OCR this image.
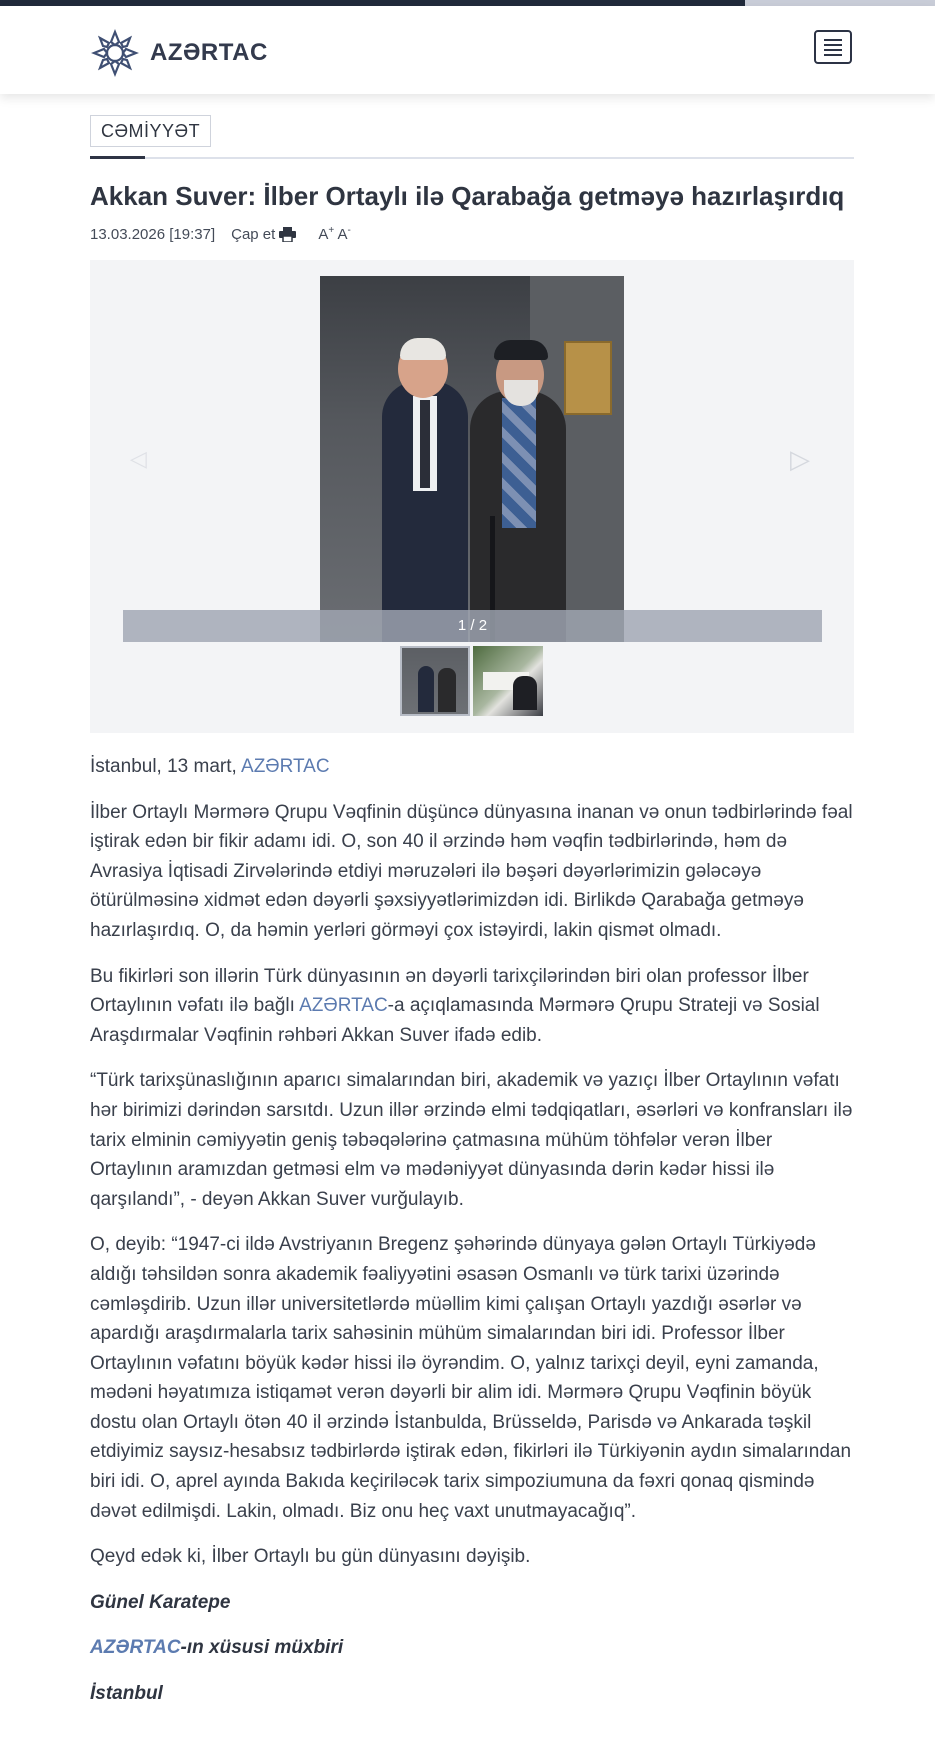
AZƏRTAC
CƏMİYYƏT
Akkan Suver: İlber Ortaylı ilə Qarabağa getməyə hazırlaşırdıq
13.03.2026 [19:37] Çap et	A+ A-
◁	▷
1 / 2

İstanbul, 13 mart, AZƏRTAC

İlber Ortaylı Mərmərə Qrupu Vəqfinin düşüncə dünyasına inanan və onun tədbirlərində fəal iştirak edən bir fikir adamı idi. O, son 40 il ərzində həm vəqfin tədbirlərində, həm də Avrasiya İqtisadi Zirvələrində etdiyi məruzələri ilə bəşəri dəyərlərimizin gələcəyə ötürülməsinə xidmət edən dəyərli şəxsiyyətlərimizdən idi. Birlikdə Qarabağa getməyə hazırlaşırdıq. O, da həmin yerləri görməyi çox istəyirdi, lakin qismət olmadı.

Bu fikirləri son illərin Türk dünyasının ən dəyərli tarixçilərindən biri olan professor İlber Ortaylının vəfatı ilə bağlı AZƏRTAC-a açıqlamasında Mərmərə Qrupu Strateji və Sosial Araşdırmalar Vəqfinin rəhbəri Akkan Suver ifadə edib.

“Türk tarixşünaslığının aparıcı simalarından biri, akademik və yazıçı İlber Ortaylının vəfatı hər birimizi dərindən sarsıtdı. Uzun illər ərzində elmi tədqiqatları, əsərləri və konfransları ilə tarix elminin cəmiyyətin geniş təbəqələrinə çatmasına mühüm töhfələr verən İlber Ortaylının aramızdan getməsi elm və mədəniyyət dünyasında dərin kədər hissi ilə qarşılandı”, - deyən Akkan Suver vurğulayıb.

O, deyib: “1947-ci ildə Avstriyanın Bregenz şəhərində dünyaya gələn Ortaylı Türkiyədə aldığı təhsildən sonra akademik fəaliyyətini əsasən Osmanlı və türk tarixi üzərində cəmləşdirib. Uzun illər universitetlərdə müəllim kimi çalışan Ortaylı yazdığı əsərlər və apardığı araşdırmalarla tarix sahəsinin mühüm simalarından biri idi. Professor İlber Ortaylının vəfatını böyük kədər hissi ilə öyrəndim. O, yalnız tarixçi deyil, eyni zamanda, mədəni həyatımıza istiqamət verən dəyərli bir alim idi. Mərmərə Qrupu Vəqfinin böyük dostu olan Ortaylı ötən 40 il ərzində İstanbulda, Brüsseldə, Parisdə və Ankarada təşkil etdiyimiz saysız-hesabsız tədbirlərdə iştirak edən, fikirləri ilə Türkiyənin aydın simalarından biri idi. O, aprel ayında Bakıda keçiriləcək tarix simpoziumuna da fəxri qonaq qismində dəvət edilmişdi. Lakin, olmadı. Biz onu heç vaxt unutmayacağıq”.

Qeyd edək ki, İlber Ortaylı bu gün dünyasını dəyişib.

Günel Karatepe

AZƏRTAC-ın xüsusi müxbiri

İstanbul
